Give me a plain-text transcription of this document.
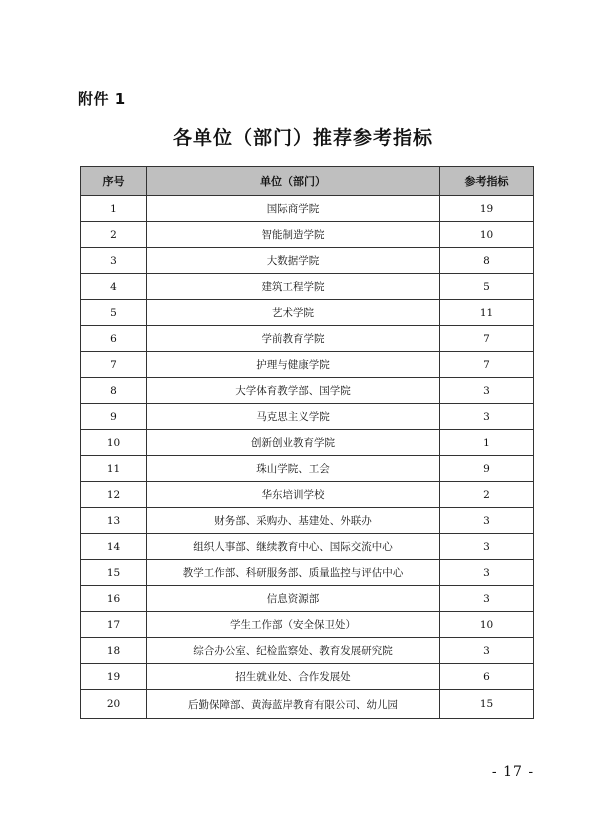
附件 1
各单位（部门）推荐参考指标
序号	单位（部门）	参考指标
1	国际商学院	19
2	智能制造学院	10
3	大数据学院	8
4	建筑工程学院	5
5	艺术学院	11
6	学前教育学院	7
7	护理与健康学院	7
8	大学体育教学部、国学院	3
9	马克思主义学院	3
10	创新创业教育学院	1
11	珠山学院、工会	9
12	华东培训学校	2
13	财务部、采购办、基建处、外联办	3
14	组织人事部、继续教育中心、国际交流中心	3
15	教学工作部、科研服务部、质量监控与评估中心	3
16	信息资源部	3
17	学生工作部（安全保卫处）	10
18	综合办公室、纪检监察处、教育发展研究院	3
19	招生就业处、合作发展处	6
20	后勤保障部、黄海蓝岸教育有限公司、幼儿园	15
- 17 -
